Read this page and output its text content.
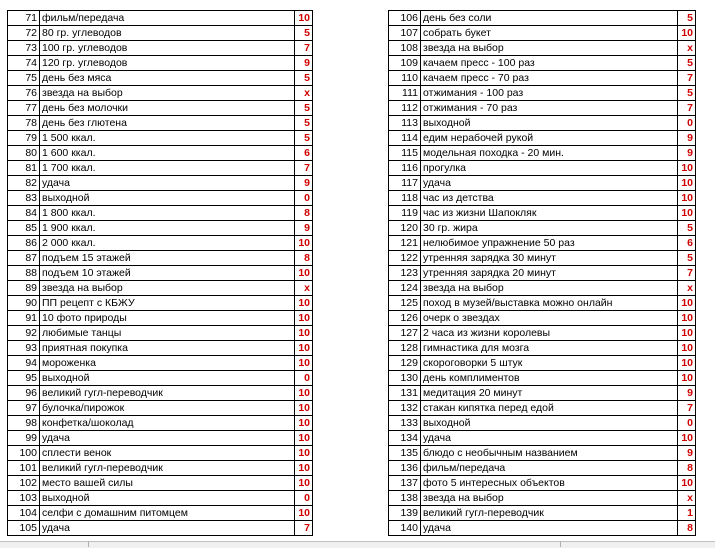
71	фильм/передача	10
72	80 гр. углеводов	5
73	100 гр. углеводов	7
74	120 гр. углеводов	9
75	день без мяса	5
76	звезда на выбор	x
77	день без молочки	5
78	день без глютена	5
79	1 500 ккал.	5
80	1 600 ккал.	6
81	1 700 ккал.	7
82	удача	9
83	выходной	0
84	1 800 ккал.	8
85	1 900 ккал.	9
86	2 000 ккал.	10
87	подъем 15 этажей	8
88	подъем 10 этажей	10
89	звезда на выбор	x
90	ПП рецепт с КБЖУ	10
91	10 фото природы	10
92	любимые танцы	10
93	приятная покупка	10
94	мороженка	10
95	выходной	0
96	великий гугл-переводчик	10
97	булочка/пирожок	10
98	конфетка/шоколад	10
99	удача	10
100	сплести венок	10
101	великий гугл-переводчик	10
102	место вашей силы	10
103	выходной	0
104	селфи с домашним питомцем	10
105	удача	7
106	день без соли	5
107	собрать букет	10
108	звезда на выбор	x
109	качаем пресс - 100 раз	5
110	качаем пресс - 70 раз	7
111	отжимания - 100 раз	5
112	отжимания - 70 раз	7
113	выходной	0
114	едим нерабочей рукой	9
115	модельная походка - 20 мин.	9
116	прогулка	10
117	удача	10
118	час из детства	10
119	час из жизни Шапокляк	10
120	30 гр. жира	5
121	нелюбимое упражнение 50 раз	6
122	утренняя зарядка 30 минут	5
123	утренняя зарядка 20 минут	7
124	звезда на выбор	x
125	поход в музей/выставка можно онлайн	10
126	очерк о звездах	10
127	2 часа из жизни королевы	10
128	гимнастика для мозга	10
129	скороговорки 5 штук	10
130	день комплиментов	10
131	медитация 20 минут	9
132	стакан кипятка перед едой	7
133	выходной	0
134	удача	10
135	блюдо с необычным названием	9
136	фильм/передача	8
137	фото 5 интересных объектов	10
138	звезда на выбор	x
139	великий гугл-переводчик	1
140	удача	8
